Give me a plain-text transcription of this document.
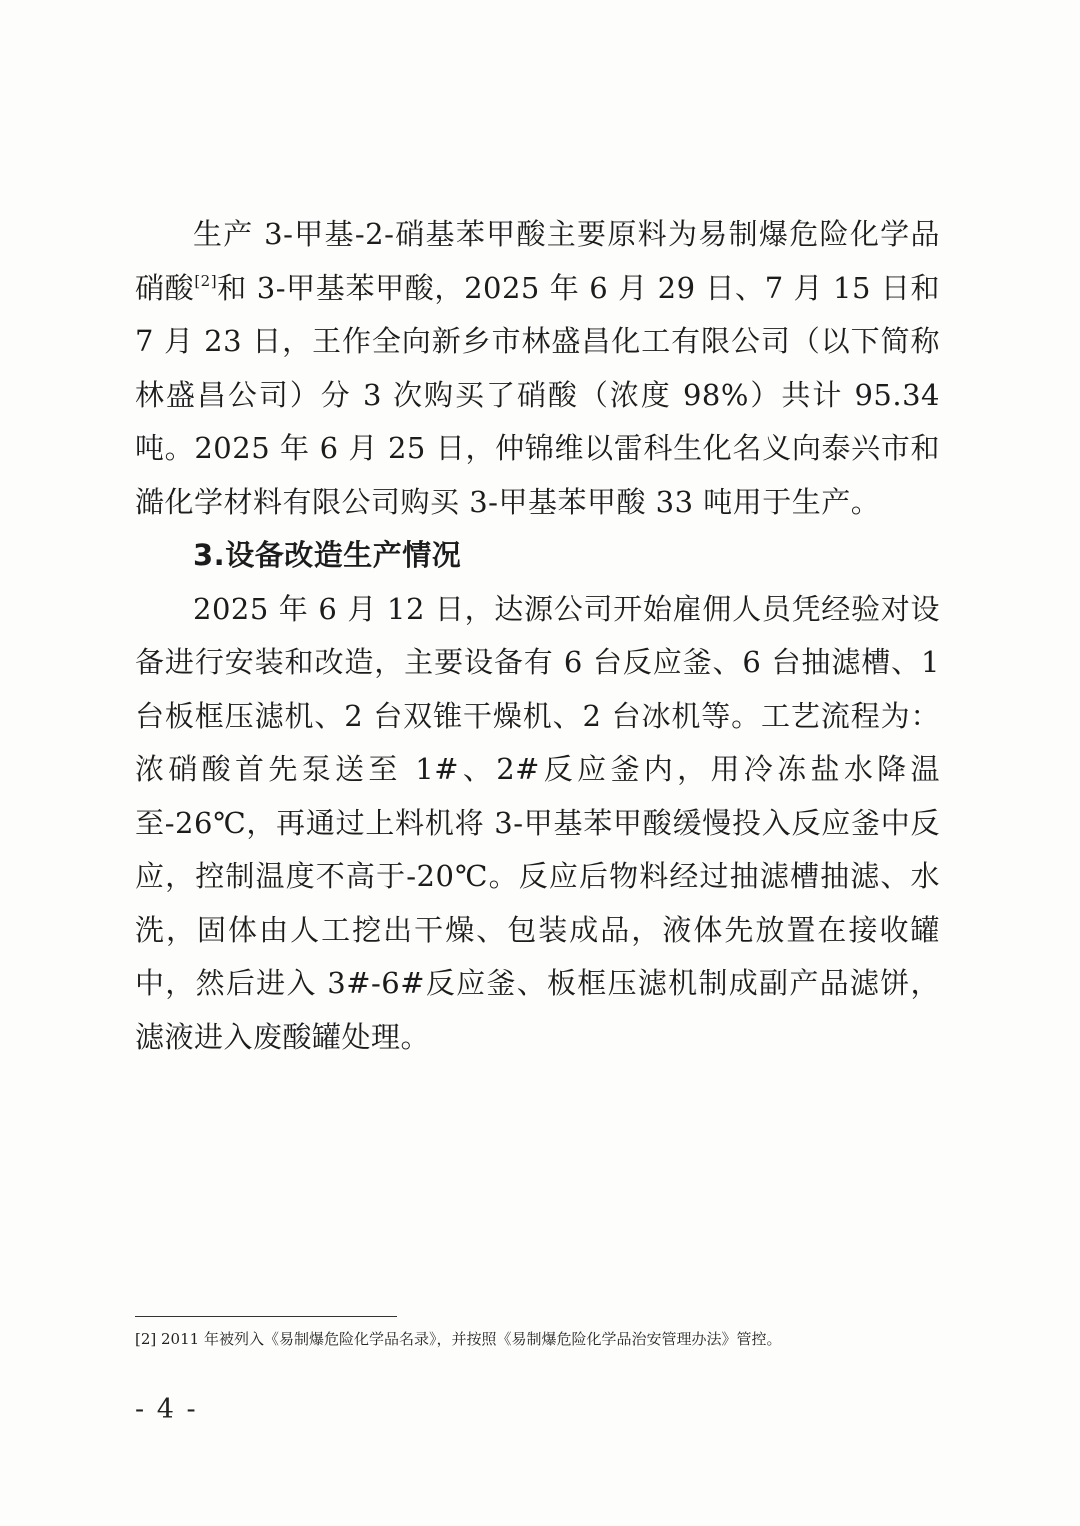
生产 3-甲基-2-硝基苯甲酸主要原料为易制爆危险化学品硝酸[2]和 3-甲基苯甲酸，2025 年 6 月 29 日、7 月 15 日和 7 月 23 日，王作全向新乡市林盛昌化工有限公司（以下简称林盛昌公司）分 3 次购买了硝酸（浓度 98%）共计 95.34 吨。2025 年 6 月 25 日，仲锦维以雷科生化名义向泰兴市和澔化学材料有限公司购买 3-甲基苯甲酸 33 吨用于生产。

3.设备改造生产情况

2025 年 6 月 12 日，达源公司开始雇佣人员凭经验对设备进行安装和改造，主要设备有 6 台反应釜、6 台抽滤槽、1 台板框压滤机、2 台双锥干燥机、2 台冰机等。工艺流程为：浓硝酸首先泵送至 1#、2#反应釜内，用冷冻盐水降温至-26℃，再通过上料机将 3-甲基苯甲酸缓慢投入反应釜中反应，控制温度不高于-20℃。反应后物料经过抽滤槽抽滤、水洗，固体由人工挖出干燥、包装成品，液体先放置在接收罐中，然后进入 3#-6#反应釜、板框压滤机制成副产品滤饼，滤液进入废酸罐处理。

[2] 2011 年被列入《易制爆危险化学品名录》，并按照《易制爆危险化学品治安管理办法》管控。
- 4 -
